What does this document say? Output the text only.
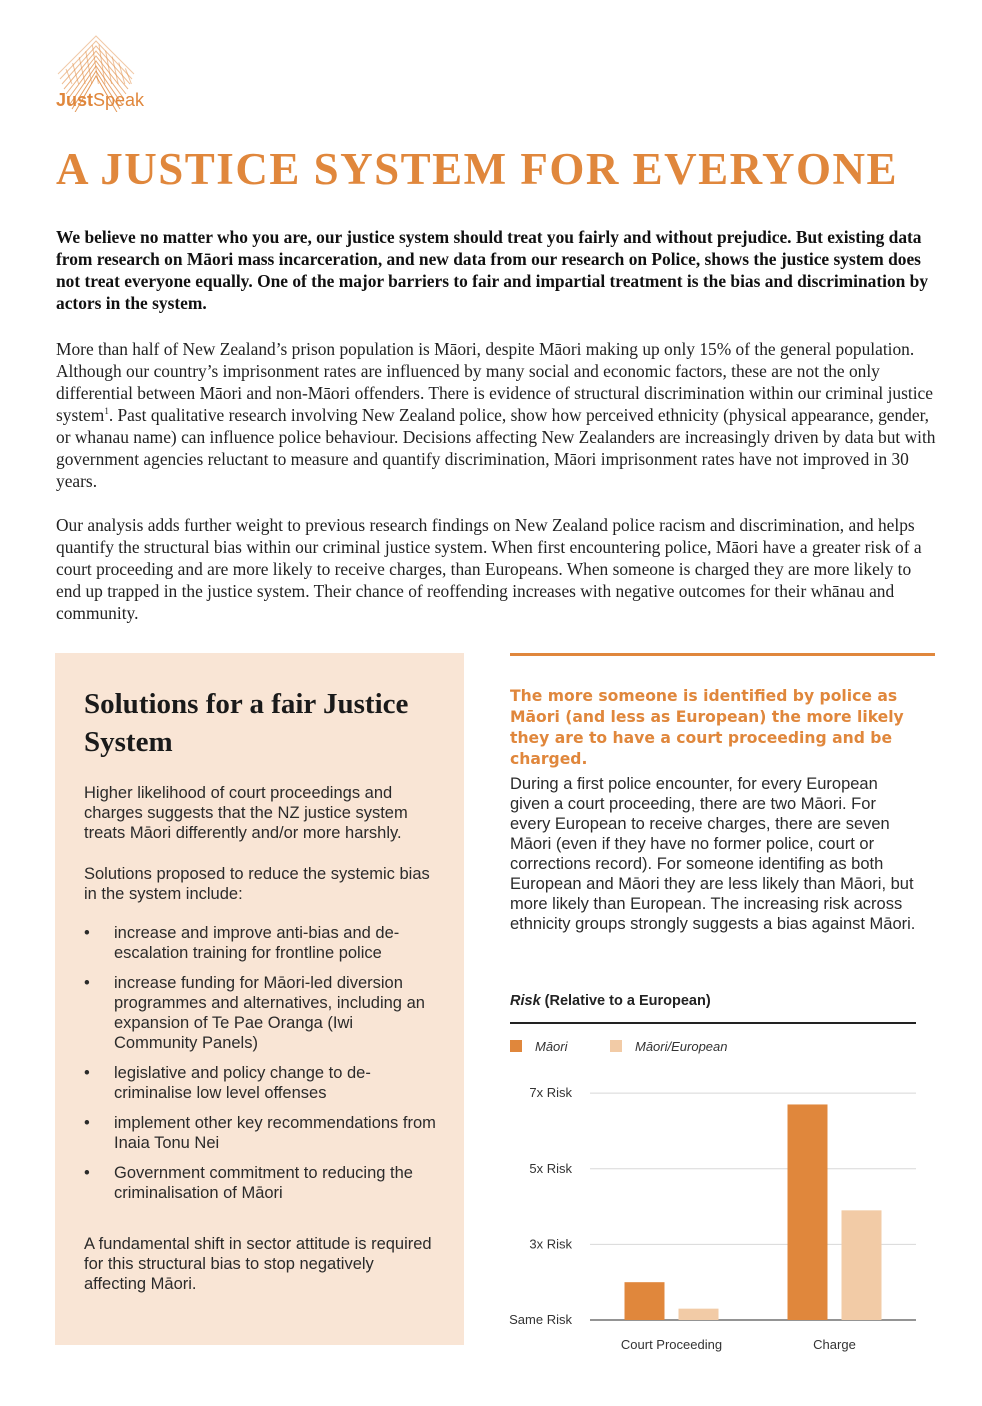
JustSpeak
A JUSTICE SYSTEM FOR EVERYONE

We believe no matter who you are, our justice system should treat you fairly and without prejudice. But existing data from research on Māori mass incarceration, and new data from our research on Police, shows the justice system does not treat everyone equally. One of the major barriers to fair and impartial treatment is the bias and discrimination by actors in the system.

More than half of New Zealand’s prison population is Māori, despite Māori making up only 15% of the general population. Although our country’s imprisonment rates are influenced by many social and economic factors, these are not the only differential between Māori and non-Māori offenders. There is evidence of structural discrimination within our criminal justice system$^1$. Past qualitative research involving New Zealand police, show how perceived ethnicity (physical appearance, gender, or whanau name) can influence police behaviour. Decisions affecting New Zealanders are increasingly driven by data but with government agencies reluctant to measure and quantify discrimination, Māori imprisonment rates have not improved in 30 years.

Our analysis adds further weight to previous research findings on New Zealand police racism and discrimination, and helps quantify the structural bias within our criminal justice system. When first encountering police, Māori have a greater risk of a court proceeding and are more likely to receive charges, than Europeans. When someone is charged they are more likely to end up trapped in the justice system. Their chance of reoffending increases with negative outcomes for their whānau and community.

Solutions for a fair Justice System

Higher likelihood of court proceedings and charges suggests that the NZ justice system treats Māori differently and/or more harshly.

Solutions proposed to reduce the systemic bias in the system include:

• increase and improve anti-bias and de-escalation training for frontline police
• increase funding for Māori-led diversion programmes and alternatives, including an expansion of Te Pae Oranga (Iwi Community Panels)
• legislative and policy change to de-criminalise low level offenses
• implement other key recommendations from Inaia Tonu Nei
• Government commitment to reducing the criminalisation of Māori

A fundamental shift in sector attitude is required for this structural bias to stop negatively affecting Māori.

The more someone is identified by police as Māori (and less as European) the more likely they are to have a court proceeding and be charged.

During a first police encounter, for every European given a court proceeding, there are two Māori. For every European to receive charges, there are seven Māori (even if they have no former police, court or corrections record). For someone identifing as both European and Māori they are less likely than Māori, but more likely than European. The increasing risk across ethnicity groups strongly suggests a bias against Māori.

Risk (Relative to a European)
Māori	Māori/European
Same Risk
3x Risk
5x Risk
7x Risk
Court Proceeding	Charge
